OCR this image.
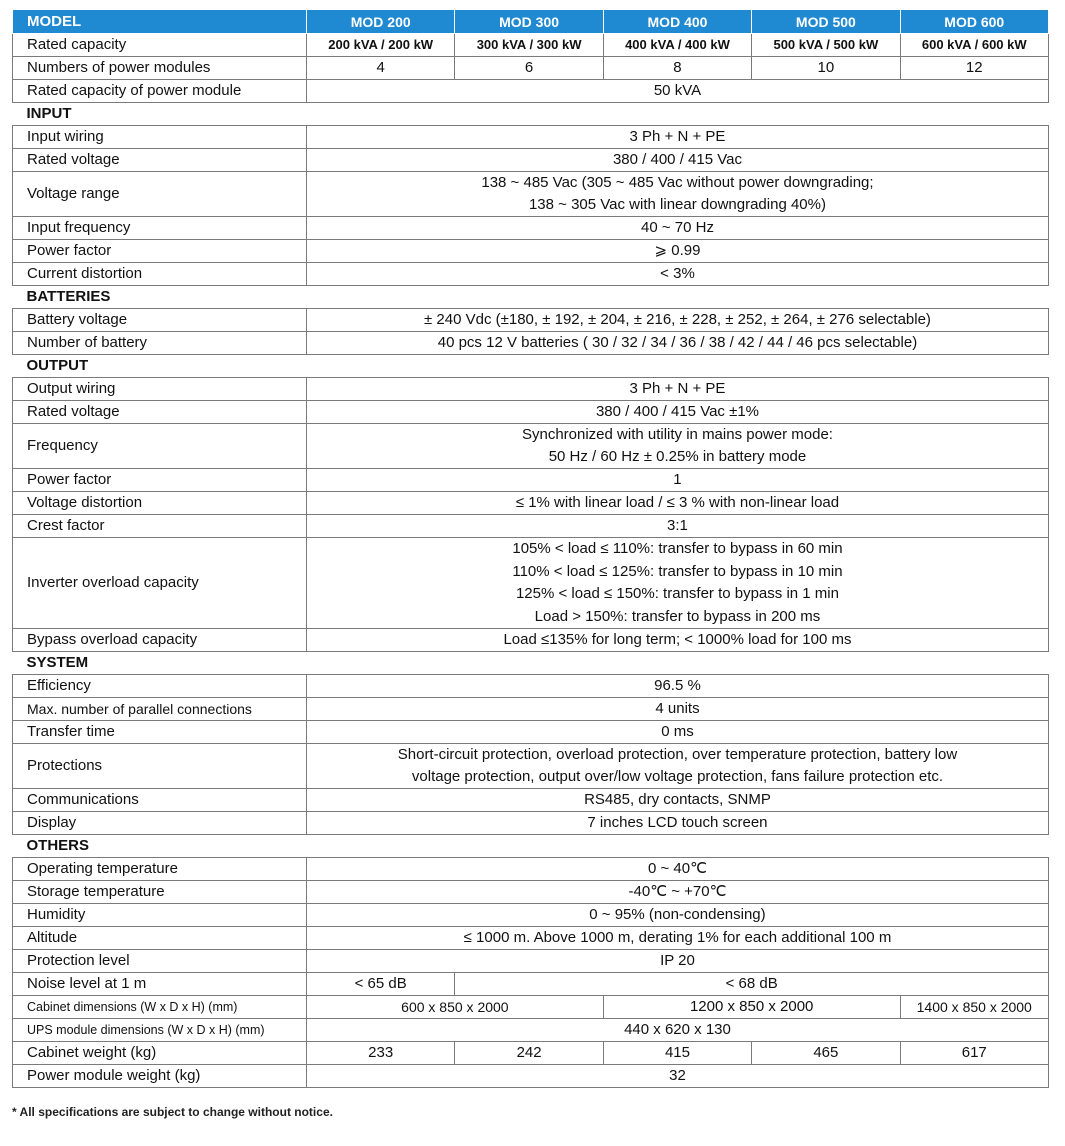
MODEL	MOD 200	MOD 300	MOD 400	MOD 500	MOD 600
Rated capacity	200 kVA / 200 kW	300 kVA / 300 kW	400 kVA / 400 kW	500 kVA / 500 kW	600 kVA / 600 kW
Numbers of power modules	4	6	8	10	12
Rated capacity of power module	50 kVA				
INPUT					
Input wiring	3 Ph + N + PE				
Rated voltage	380 / 400 / 415 Vac				
Voltage range	138 ~ 485 Vac (305 ~ 485 Vac without power downgrading;
138 ~ 305 Vac with linear downgrading 40%)				

Input frequency	40 ~ 70 Hz				
Power factor	⩾ 0.99				
Current distortion	< 3%				
BATTERIES					
Battery voltage	± 240 Vdc (±180, ± 192, ± 204, ± 216, ± 228, ± 252, ± 264, ± 276 selectable)				
Number of battery	40 pcs 12 V batteries ( 30 / 32 / 34 / 36 / 38 / 42 / 44 / 46 pcs selectable)				
OUTPUT					
Output wiring	3 Ph + N + PE				
Rated voltage	380 / 400 / 415 Vac ±1%				
Frequency	Synchronized with utility in mains power mode:
50 Hz / 60 Hz ± 0.25% in battery mode				

Power factor	1				
Voltage distortion	≤ 1% with linear load / ≤ 3 % with non-linear load				
Crest factor	3:1				
Inverter overload capacity	105% < load ≤ 110%: transfer to bypass in 60 min
110% < load ≤ 125%: transfer to bypass in 10 min
125% < load ≤ 150%: transfer to bypass in 1 min
Load > 150%: transfer to bypass in 200 ms				

Bypass overload capacity	Load ≤135% for long term; < 1000% load for 100 ms				
SYSTEM					
Efficiency	96.5 %				
Max. number of parallel connections	4 units				
Transfer time	0 ms				
Protections	Short-circuit protection, overload protection, over temperature protection, battery low
voltage protection, output over/low voltage protection, fans failure protection etc.				

Communications	RS485, dry contacts, SNMP				
Display	7 inches LCD touch screen				
OTHERS					
Operating temperature	0 ~ 40℃				
Storage temperature	-40℃ ~ +70℃				
Humidity	0 ~ 95% (non-condensing)				
Altitude	≤ 1000 m. Above 1000 m, derating 1% for each additional 100 m				
Protection level	IP 20				
Noise level at 1 m	< 65 dB	< 68 dB			
Cabinet dimensions (W x D x H) (mm)	600 x 850 x 2000		1200 x 850 x 2000		1400 x 850 x 2000
UPS module dimensions (W x D x H) (mm)	440 x 620 x 130				
Cabinet weight (kg)	233	242	415	465	617
Power module weight (kg)	32				
* All specifications are subject to change without notice.
